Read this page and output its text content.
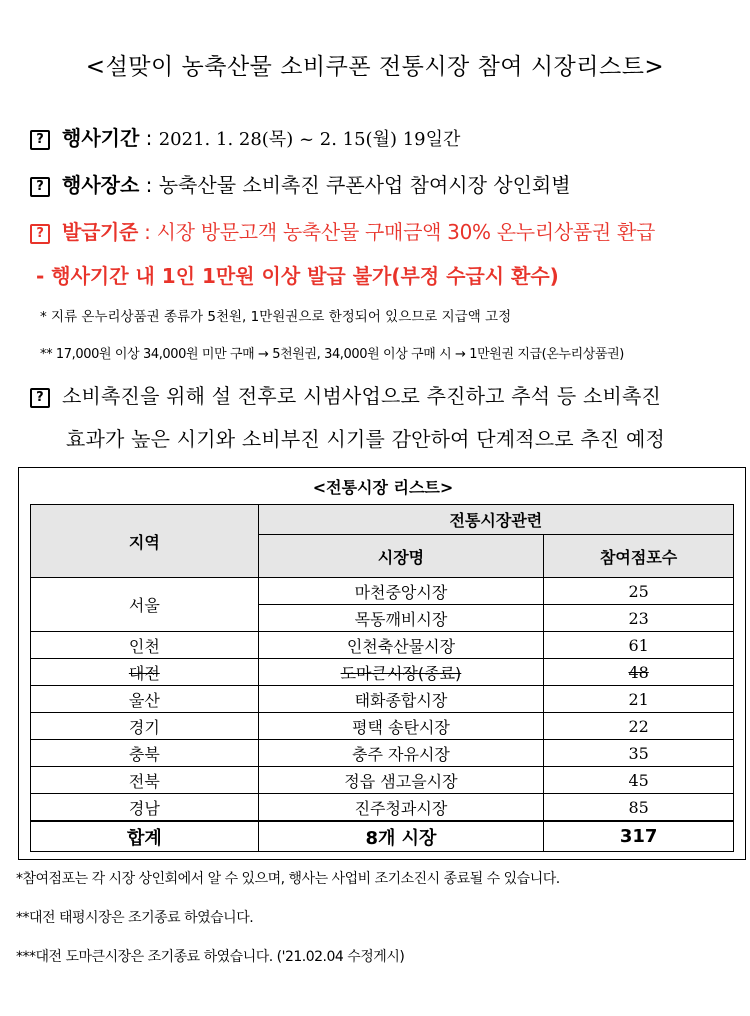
<설맞이 농축산물 소비쿠폰 전통시장 참여 시장리스트>
? 행사기간 : 2021. 1. 28(목) ~ 2. 15(월) 19일간
? 행사장소 : 농축산물 소비촉진 쿠폰사업 참여시장 상인회별
? 발급기준 : 시장 방문고객 농축산물 구매금액 30% 온누리상품권 환급
- 행사기간 내 1인 1만원 이상 발급 불가(부정 수급시 환수)
* 지류 온누리상품권 종류가 5천원, 1만원권으로 한정되어 있으므로 지급액 고정
** 17,000원 이상 34,000원 미만 구매 → 5천원권, 34,000원 이상 구매 시 → 1만원권 지급(온누리상품권)
? 소비촉진을 위해 설 전후로 시범사업으로 추진하고 추석 등 소비촉진
효과가 높은 시기와 소비부진 시기를 감안하여 단계적으로 추진 예정
<전통시장 리스트>
지역	전통시장관련	
	시장명	참여점포수
서울	마천중앙시장	25
	목동깨비시장	23
인천	인천축산물시장	61
대전	도마큰시장(종료)	48
울산	태화종합시장	21
경기	평택 송탄시장	22
충북	충주 자유시장	35
전북	정읍 샘고을시장	45
경남	진주청과시장	85
합계	8개 시장	317
*참여점포는 각 시장 상인회에서 알 수 있으며, 행사는 사업비 조기소진시 종료될 수 있습니다.
**대전 태평시장은 조기종료 하였습니다.
***대전 도마큰시장은 조기종료 하였습니다. ('21.02.04 수정게시)
